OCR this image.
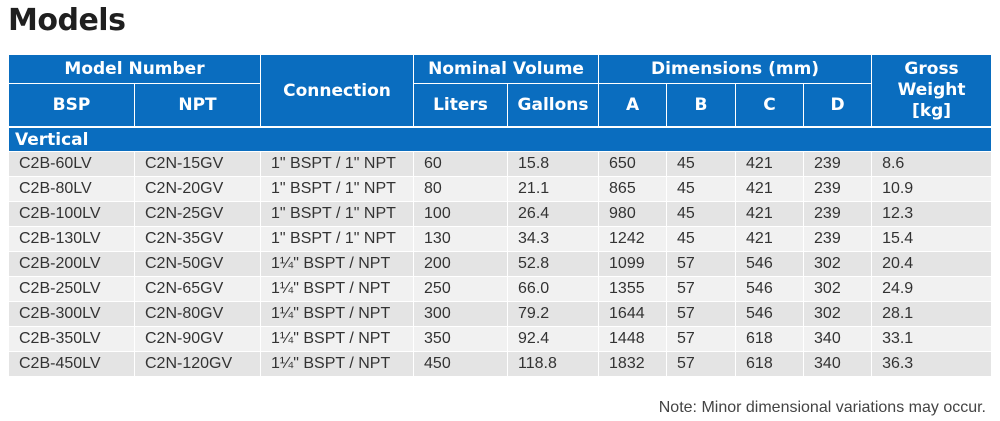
Models
Model Number		Connection	Nominal Volume		Dimensions (mm)				Gross
Weight
[kg]
BSP	NPT		Liters	Gallons	A	B	C	D	
Vertical									
C2B-60LV	C2N-15GV	1" BSPT / 1" NPT	60	15.8	650	45	421	239	8.6
C2B-80LV	C2N-20GV	1" BSPT / 1" NPT	80	21.1	865	45	421	239	10.9
C2B-100LV	C2N-25GV	1" BSPT / 1" NPT	100	26.4	980	45	421	239	12.3
C2B-130LV	C2N-35GV	1" BSPT / 1" NPT	130	34.3	1242	45	421	239	15.4
C2B-200LV	C2N-50GV	1¼" BSPT / NPT	200	52.8	1099	57	546	302	20.4
C2B-250LV	C2N-65GV	1¼" BSPT / NPT	250	66.0	1355	57	546	302	24.9
C2B-300LV	C2N-80GV	1¼" BSPT / NPT	300	79.2	1644	57	546	302	28.1
C2B-350LV	C2N-90GV	1¼" BSPT / NPT	350	92.4	1448	57	618	340	33.1
C2B-450LV	C2N-120GV	1¼" BSPT / NPT	450	118.8	1832	57	618	340	36.3
Note: Minor dimensional variations may occur.
